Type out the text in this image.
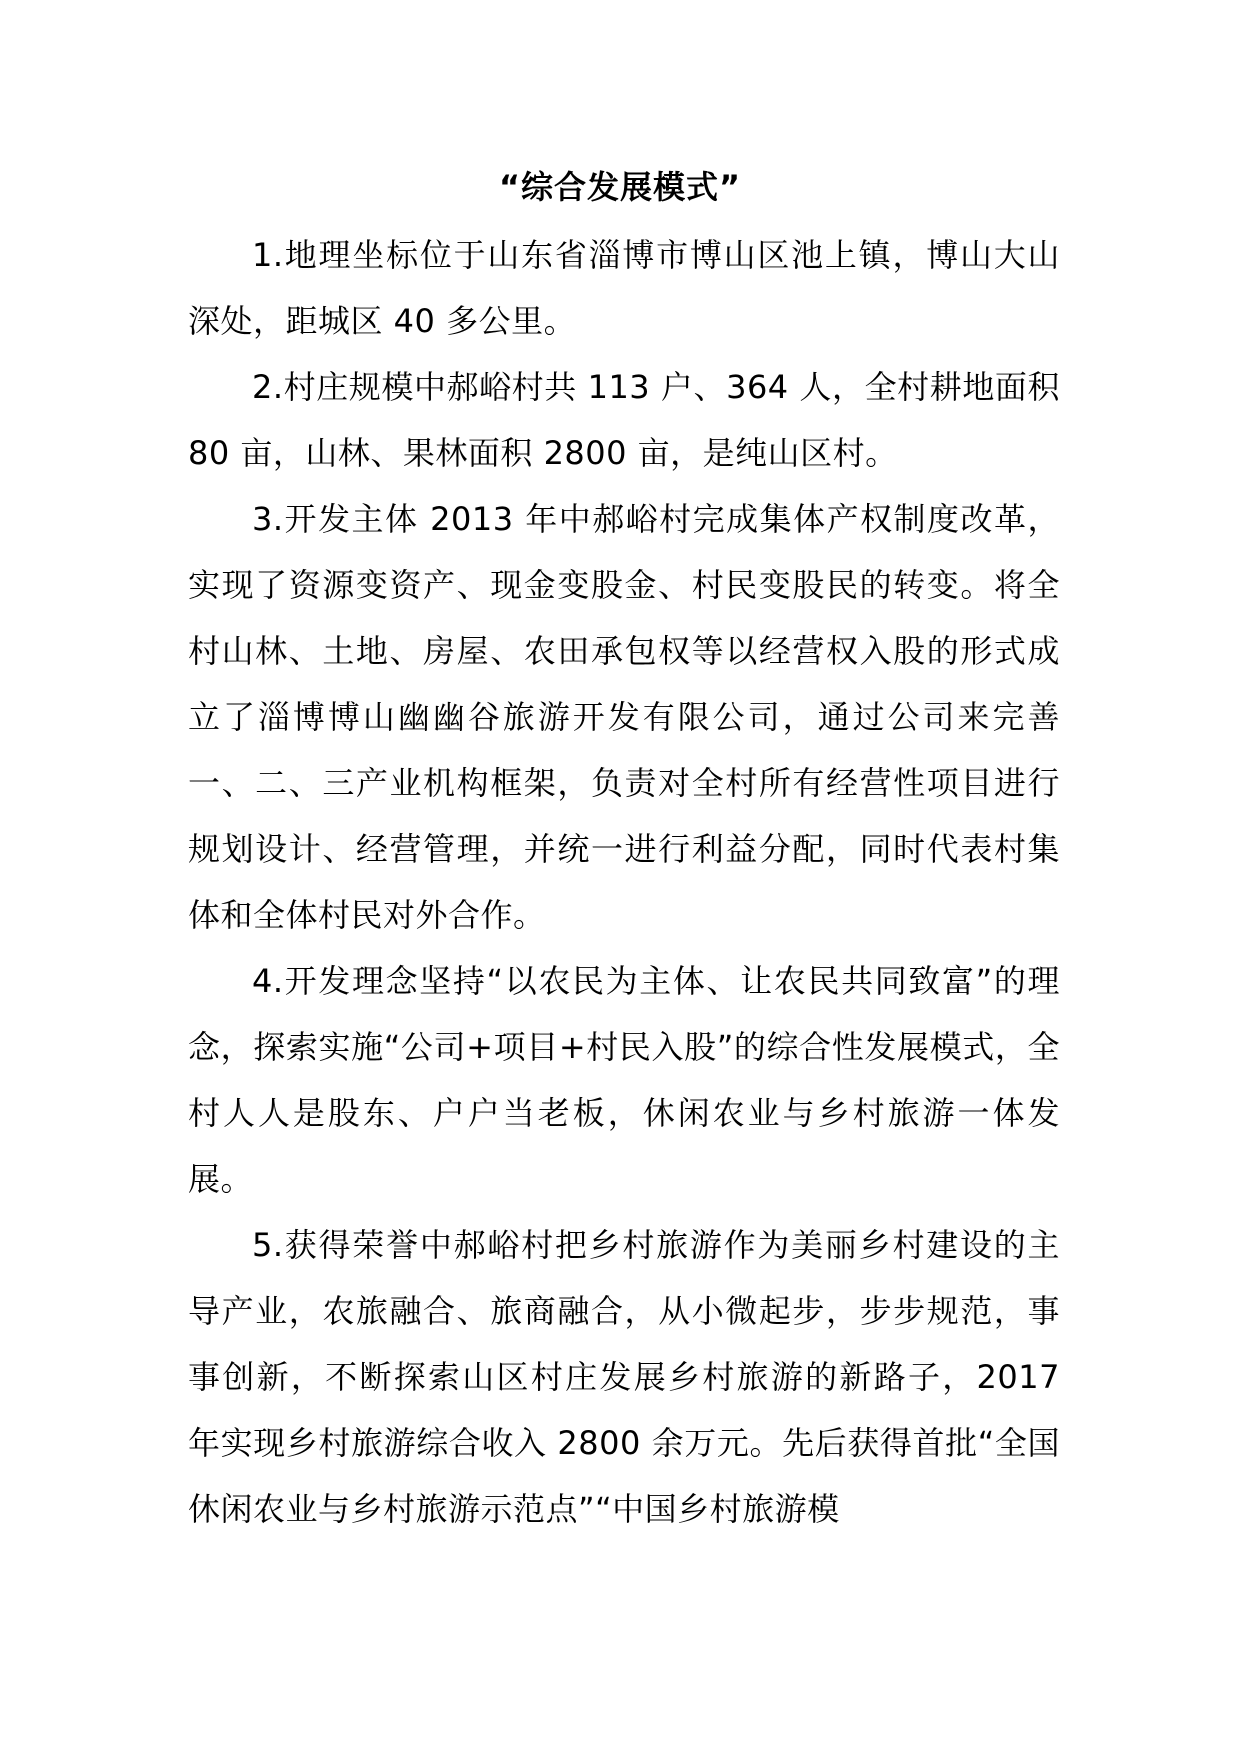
“综合发展模式”

1.地理坐标位于山东省淄博市博山区池上镇，博山大山深处，距城区 40 多公里。

2.村庄规模中郝峪村共 113 户、364 人，全村耕地面积 80 亩，山林、果林面积 2800 亩，是纯山区村。

3.开发主体 2013 年中郝峪村完成集体产权制度改革，实现了资源变资产、现金变股金、村民变股民的转变。将全村山林、土地、房屋、农田承包权等以经营权入股的形式成立了淄博博山幽幽谷旅游开发有限公司，通过公司来完善一、二、三产业机构框架，负责对全村所有经营性项目进行规划设计、经营管理，并统一进行利益分配，同时代表村集体和全体村民对外合作。

4.开发理念坚持“以农民为主体、让农民共同致富”的理念，探索实施“公司+项目+村民入股”的综合性发展模式，全村人人是股东、户户当老板，休闲农业与乡村旅游一体发展。

5.获得荣誉中郝峪村把乡村旅游作为美丽乡村建设的主导产业，农旅融合、旅商融合，从小微起步，步步规范，事事创新，不断探索山区村庄发展乡村旅游的新路子，2017 年实现乡村旅游综合收入 2800 余万元。先后获得首批“全国休闲农业与乡村旅游示范点”“中国乡村旅游模
